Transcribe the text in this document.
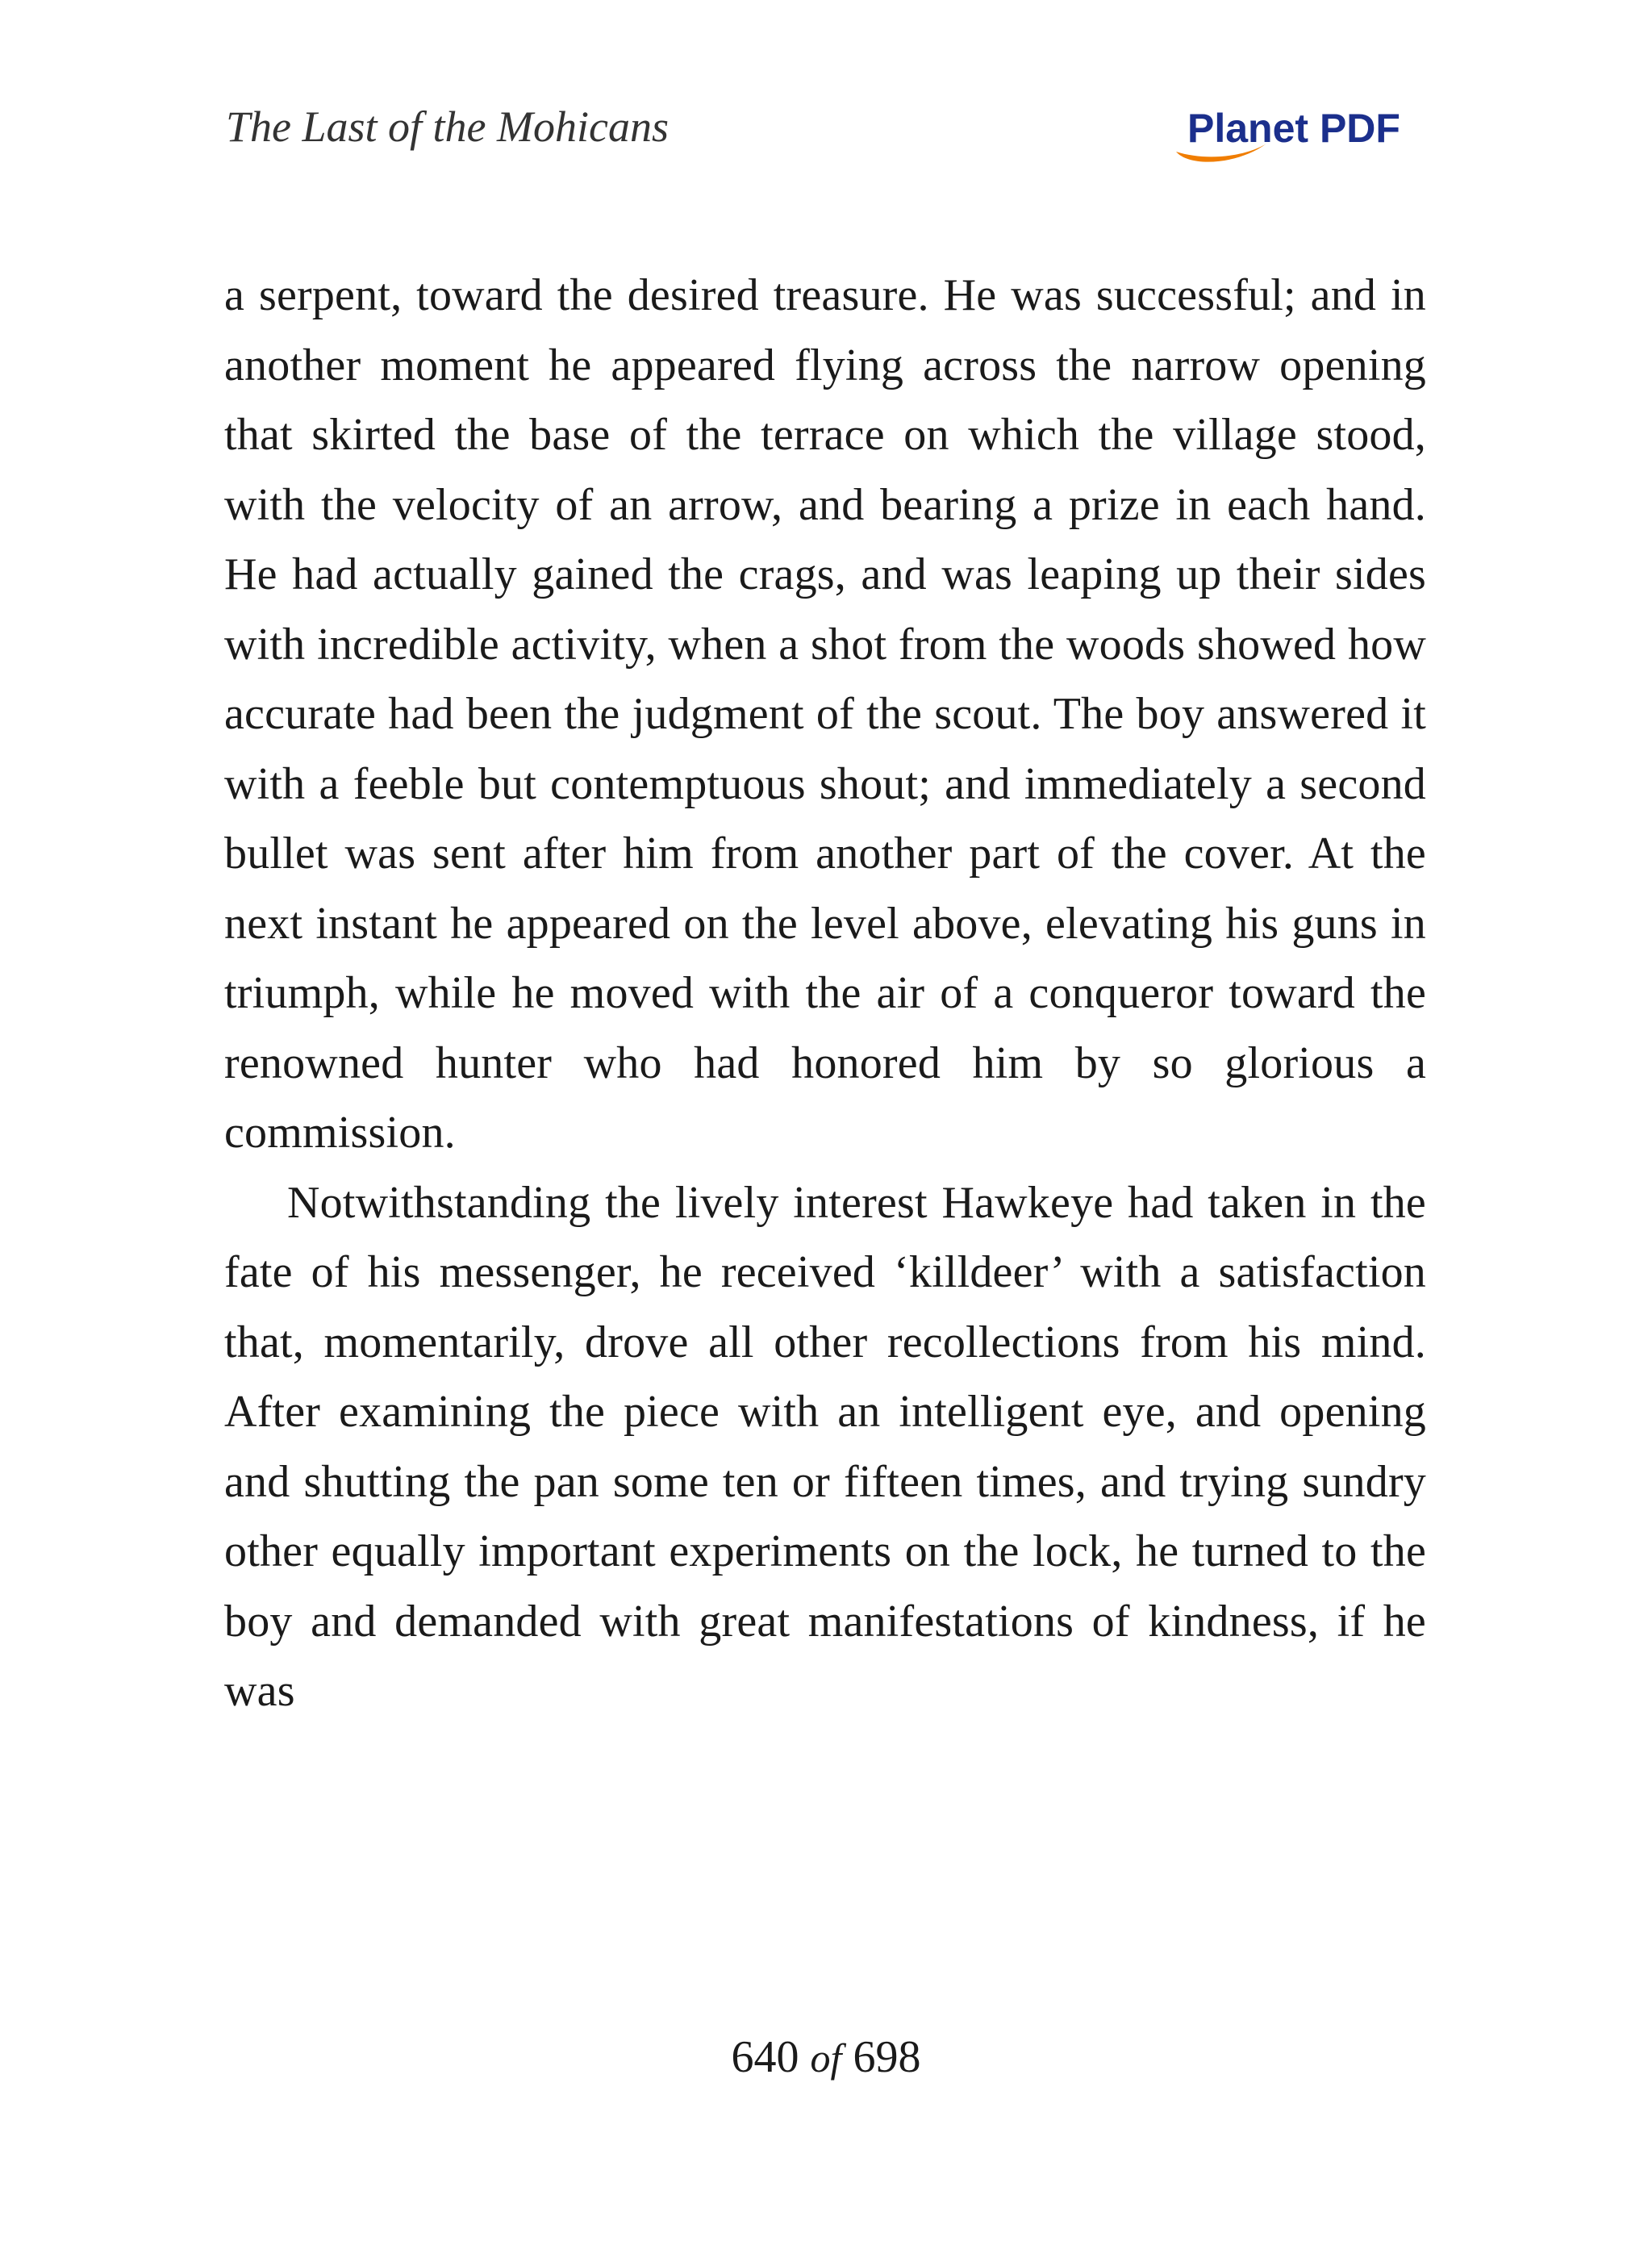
The Last of the Mohicans	Planet PDF

a serpent, toward the desired treasure. He was successful; and in another moment he appeared flying across the narrow opening that skirted the base of the terrace on which the village stood, with the velocity of an arrow, and bearing a prize in each hand. He had actually gained the crags, and was leaping up their sides with incredible activity, when a shot from the woods showed how accurate had been the judgment of the scout. The boy answered it with a feeble but contemptuous shout; and immediately a second bullet was sent after him from another part of the cover. At the next instant he appeared on the level above, elevating his guns in triumph, while he moved with the air of a conqueror toward the renowned hunter who had honored him by so glorious a commission.

Notwithstanding the lively interest Hawkeye had taken in the fate of his messenger, he received ‘killdeer’ with a satisfaction that, momentarily, drove all other recollections from his mind. After examining the piece with an intelligent eye, and opening and shutting the pan some ten or fifteen times, and trying sundry other equally important experiments on the lock, he turned to the boy and demanded with great manifestations of kindness, if he was

640 of 698
